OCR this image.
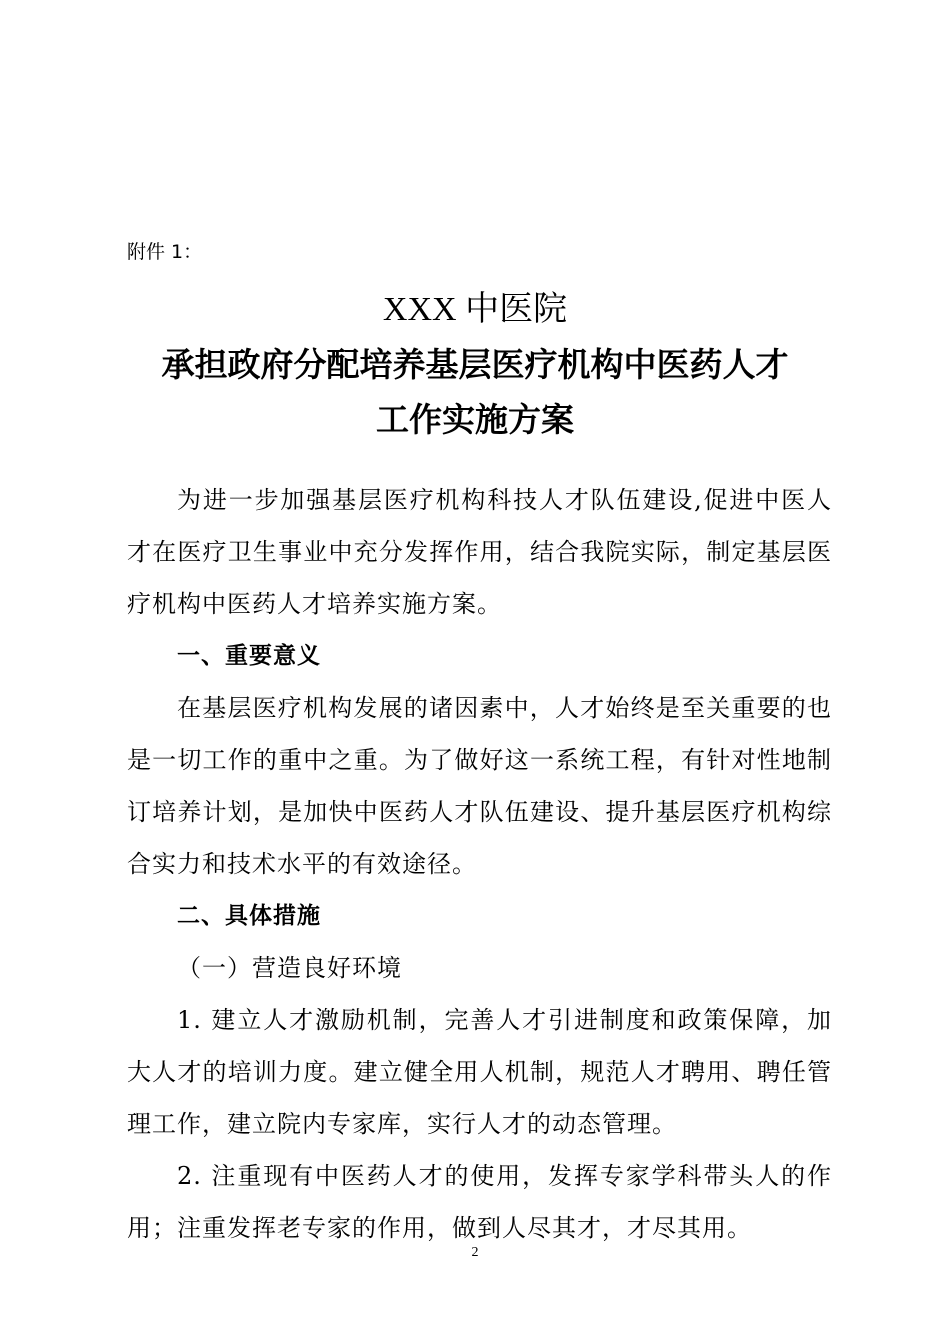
附件 1：
XXX 中医院
承担政府分配培养基层医疗机构中医药人才
工作实施方案

为进一步加强基层医疗机构科技人才队伍建设,促进中医人才在医疗卫生事业中充分发挥作用，结合我院实际，制定基层医疗机构中医药人才培养实施方案。

一、重要意义

在基层医疗机构发展的诸因素中，人才始终是至关重要的也是一切工作的重中之重。为了做好这一系统工程，有针对性地制订培养计划，是加快中医药人才队伍建设、提升基层医疗机构综合实力和技术水平的有效途径。

二、具体措施

（一）营造良好环境

1. 建立人才激励机制，完善人才引进制度和政策保障，加大人才的培训力度。建立健全用人机制，规范人才聘用、聘任管理工作，建立院内专家库，实行人才的动态管理。

2. 注重现有中医药人才的使用，发挥专家学科带头人的作用；注重发挥老专家的作用，做到人尽其才，才尽其用。

2
